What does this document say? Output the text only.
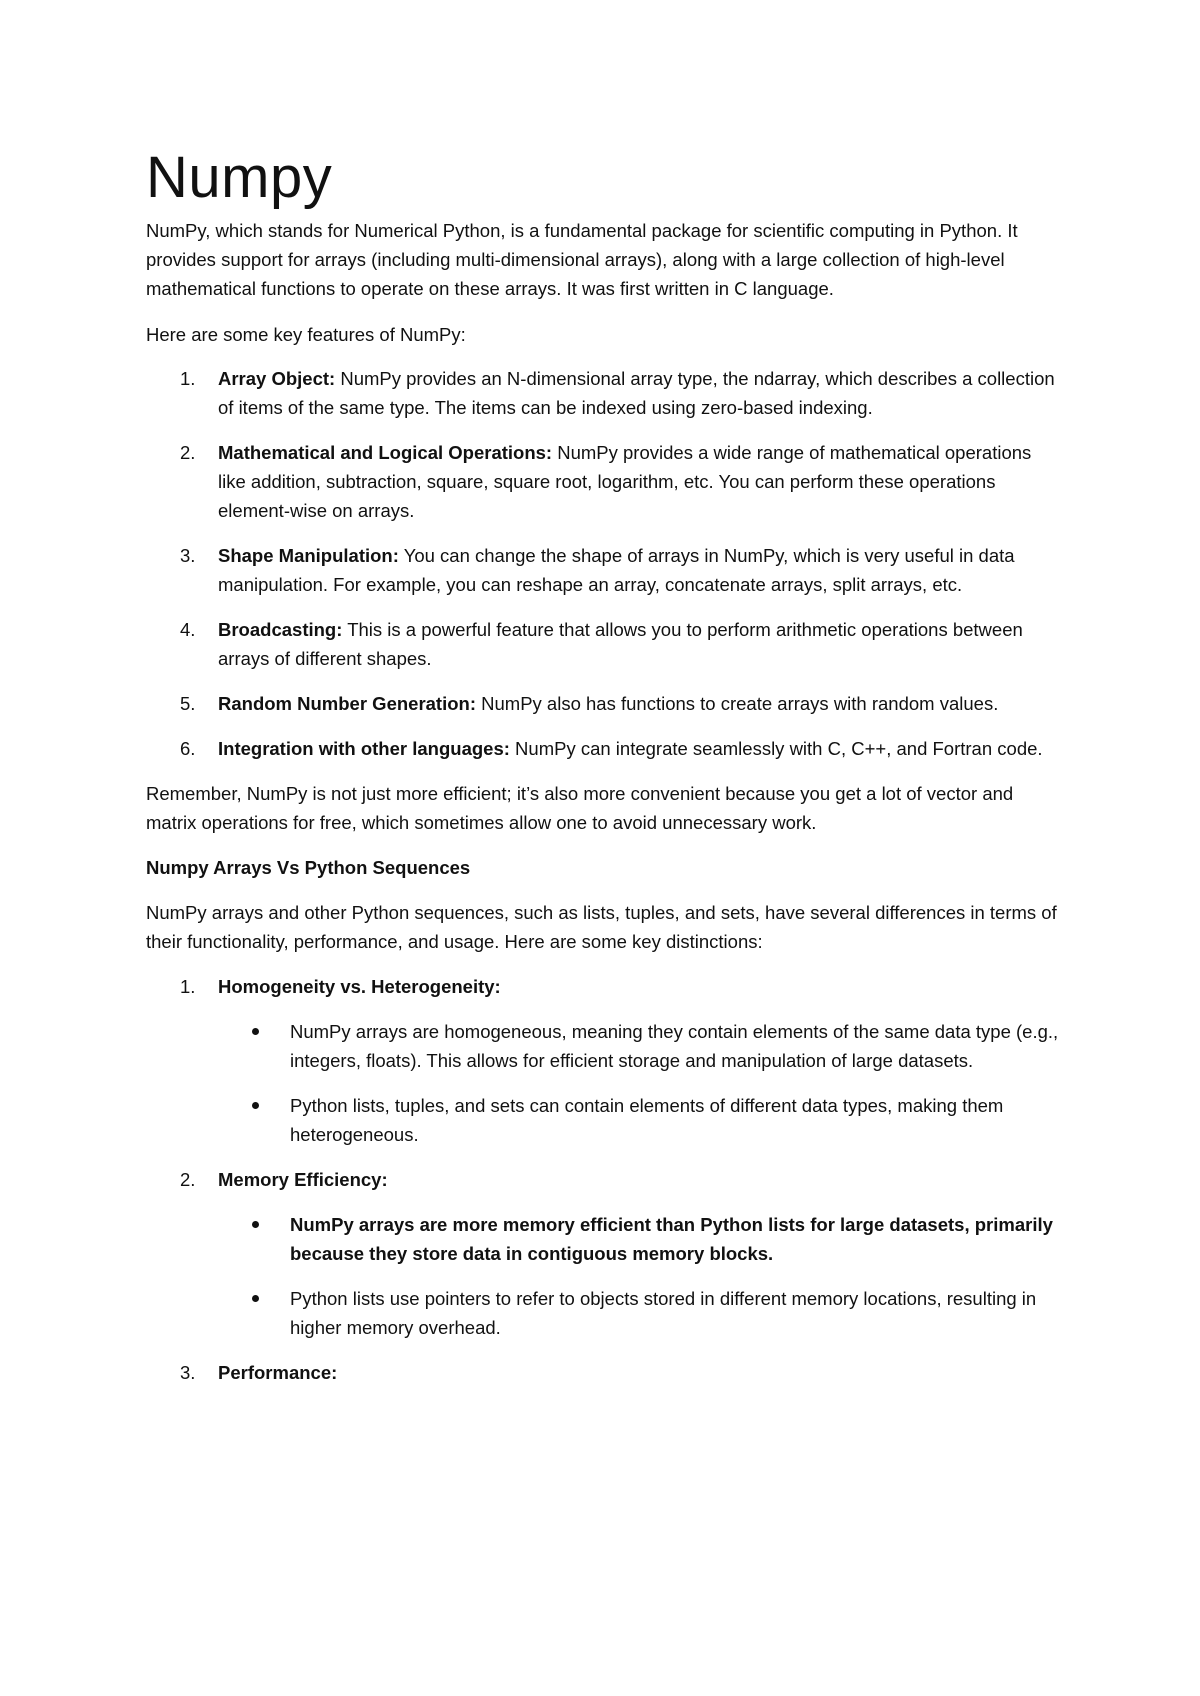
Numpy

NumPy, which stands for Numerical Python, is a fundamental package for scientific computing in Python. It provides support for arrays (including multi-dimensional arrays), along with a large collection of high-level mathematical functions to operate on these arrays. It was first written in C language.

Here are some key features of NumPy:

1. Array Object: NumPy provides an N-dimensional array type, the ndarray, which describes a collection of items of the same type. The items can be indexed using zero-based indexing.
2. Mathematical and Logical Operations: NumPy provides a wide range of mathematical operations like addition, subtraction, square, square root, logarithm, etc. You can perform these operations element-wise on arrays.
3. Shape Manipulation: You can change the shape of arrays in NumPy, which is very useful in data manipulation. For example, you can reshape an array, concatenate arrays, split arrays, etc.
4. Broadcasting: This is a powerful feature that allows you to perform arithmetic operations between arrays of different shapes.
5. Random Number Generation: NumPy also has functions to create arrays with random values.
6. Integration with other languages: NumPy can integrate seamlessly with C, C++, and Fortran code.

Remember, NumPy is not just more efficient; it’s also more convenient because you get a lot of vector and matrix operations for free, which sometimes allow one to avoid unnecessary work.

Numpy Arrays Vs Python Sequences

NumPy arrays and other Python sequences, such as lists, tuples, and sets, have several differences in terms of their functionality, performance, and usage. Here are some key distinctions:

1. Homogeneity vs. Heterogeneity:
NumPy arrays are homogeneous, meaning they contain elements of the same data type (e.g., integers, floats). This allows for efficient storage and manipulation of large datasets.
Python lists, tuples, and sets can contain elements of different data types, making them heterogeneous.
2. Memory Efficiency:
NumPy arrays are more memory efficient than Python lists for large datasets, primarily because they store data in contiguous memory blocks.
Python lists use pointers to refer to objects stored in different memory locations, resulting in higher memory overhead.
3. Performance:
